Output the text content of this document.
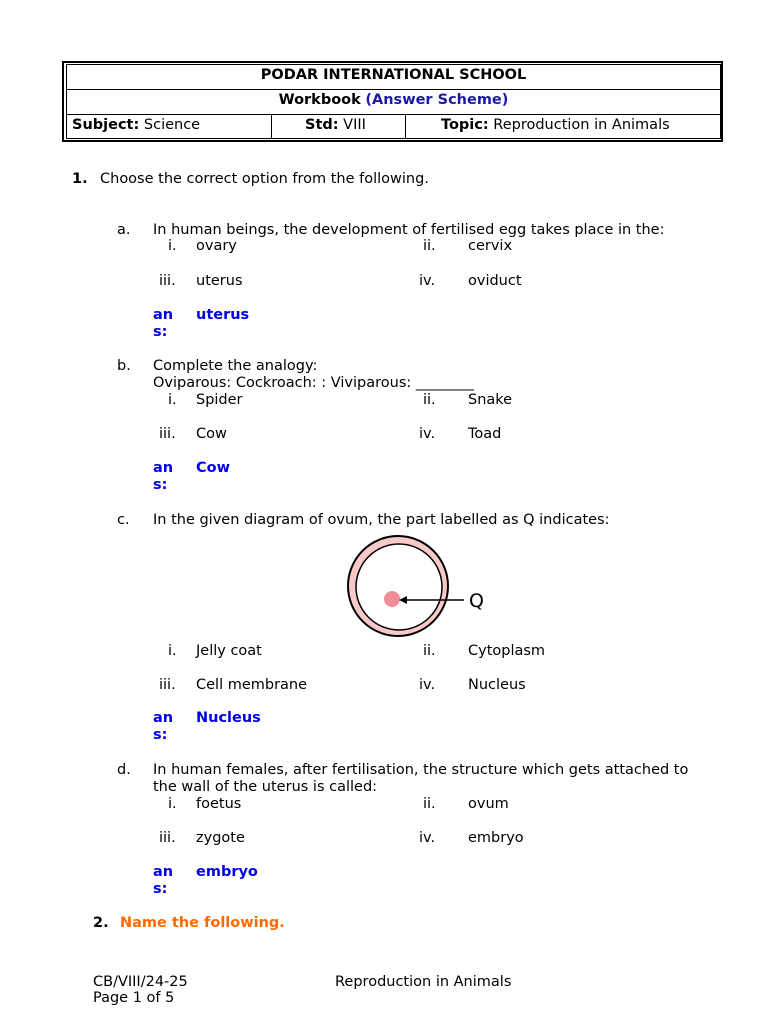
PODAR INTERNATIONAL SCHOOL
Workbook (Answer Scheme)
Subject: Science	Std: VIII	Topic: Reproduction in Animals
1. Choose the correct option from the following.
a. In human beings, the development of fertilised egg takes place in the:
i. ovary	ii. cervix
iii. uterus	iv. oviduct
an
s:
uterus
b. Complete the analogy:
Oviparous: Cockroach: : Viviparous: ________
i. Spider	ii. Snake
iii. Cow	iv. Toad
an
s:
Cow
c. In the given diagram of ovum, the part labelled as Q indicates:
Q
i. Jelly coat	ii. Cytoplasm
iii. Cell membrane	iv. Nucleus
an
s:
Nucleus
d. In human females, after fertilisation, the structure which gets attached to
the wall of the uterus is called:
i. foetus	ii. ovum
iii. zygote	iv. embryo
an
s:
embryo
2. Name the following.
CB/VIII/24-25
Page 1 of 5
Reproduction in Animals
